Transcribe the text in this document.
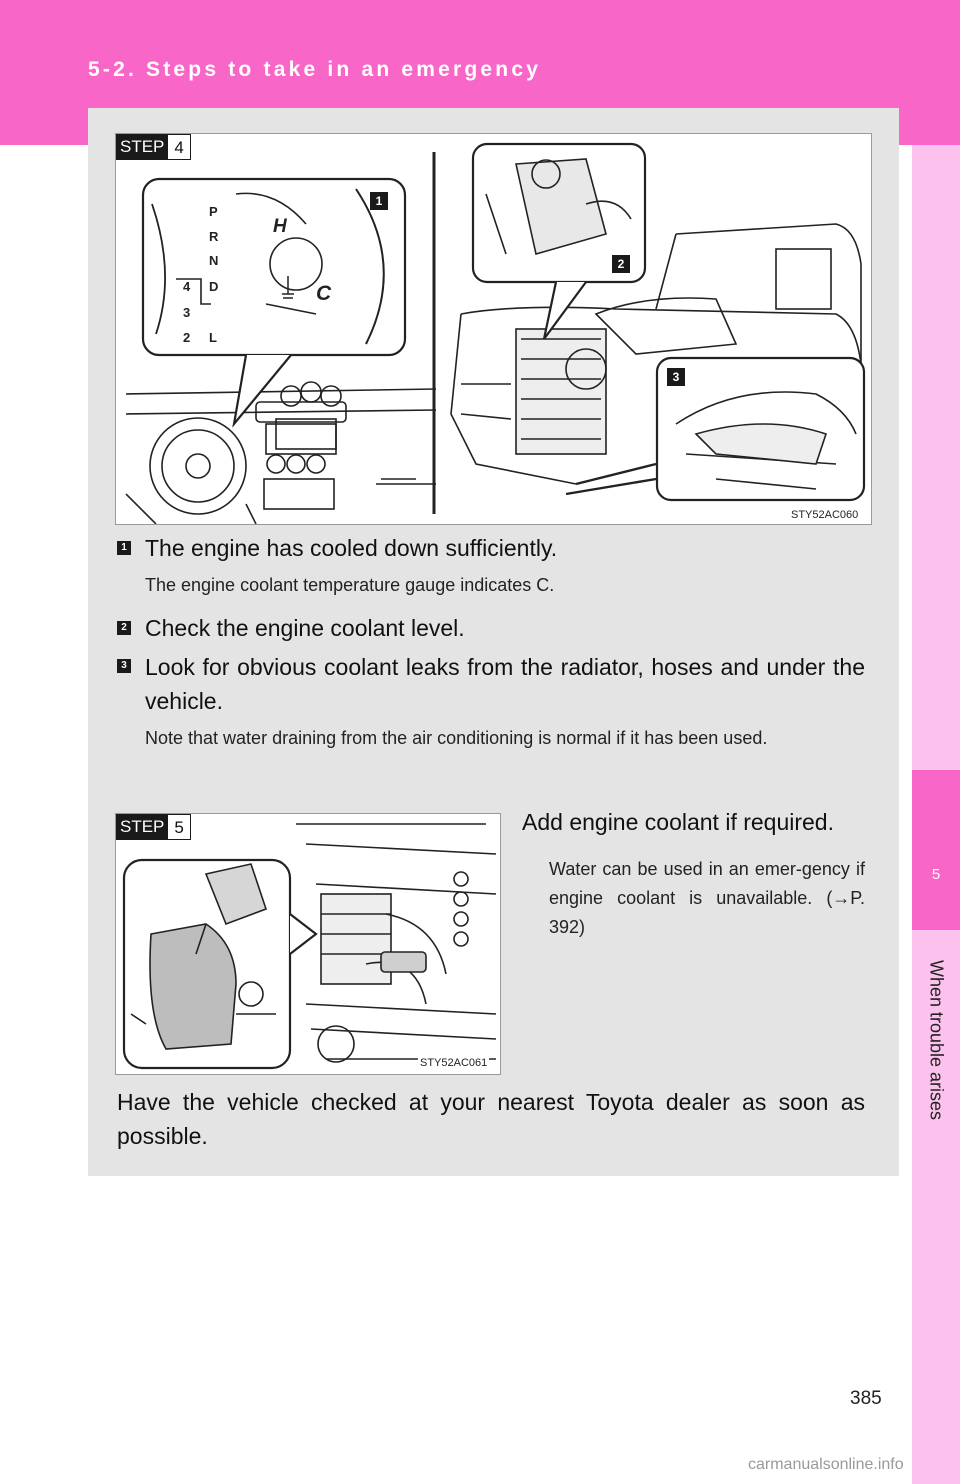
5-2. Steps to take in an emergency
5
When trouble arises
P
R
N
D
L
4
3
2
H
C
STEP 4
1
2
3
STY52AC060
1 The engine has cooled down sufficiently.
The engine coolant temperature gauge indicates C.
2 Check the engine coolant level.
3 Look for obvious coolant leaks from the radiator, hoses and under the vehicle.
Note that water draining from the air conditioning is normal if it has been used.
STEP 5
STY52AC061
Add engine coolant if required.
Water can be used in an emer-gency if engine coolant is unavailable. (→P. 392)
Have the vehicle checked at your nearest Toyota dealer as soon as possible.
385
carmanualsonline.info
